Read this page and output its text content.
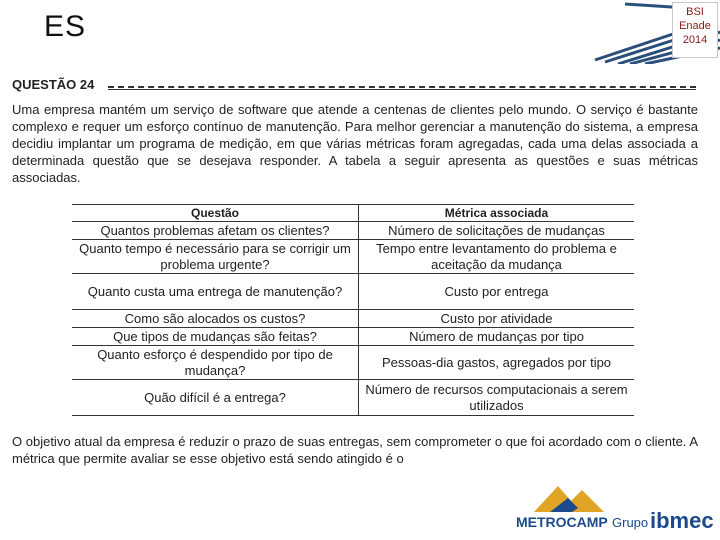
ES	BSI
Enade
2014
QUESTÃO 24

Uma empresa mantém um serviço de software que atende a centenas de clientes pelo mundo. O serviço é bastante complexo e requer um esforço contínuo de manutenção. Para melhor gerenciar a manutenção do sistema, a empresa decidiu implantar um programa de medição, em que várias métricas foram agregadas, cada uma delas associada a determinada questão que se desejava responder. A tabela a seguir apresenta as questões e suas métricas associadas.

Questão	Métrica associada
Quantos problemas afetam os clientes?	Número de solicitações de mudanças
Quanto tempo é necessário para se corrigir um problema urgente?	Tempo entre levantamento do problema e aceitação da mudança
Quanto custa uma entrega de manutenção?	Custo por entrega
Como são alocados os custos?	Custo por atividade
Que tipos de mudanças são feitas?	Número de mudanças por tipo
Quanto esforço é despendido por tipo de mudança?	Pessoas-dia gastos, agregados por tipo
Quão difícil é a entrega?	Número de recursos computacionais a serem utilizados

O objetivo atual da empresa é reduzir o prazo de suas entregas, sem comprometer o que foi acordado com o cliente. A métrica que permite avaliar se esse objetivo está sendo atingido é o

METROCAMP Grupo ibmec
